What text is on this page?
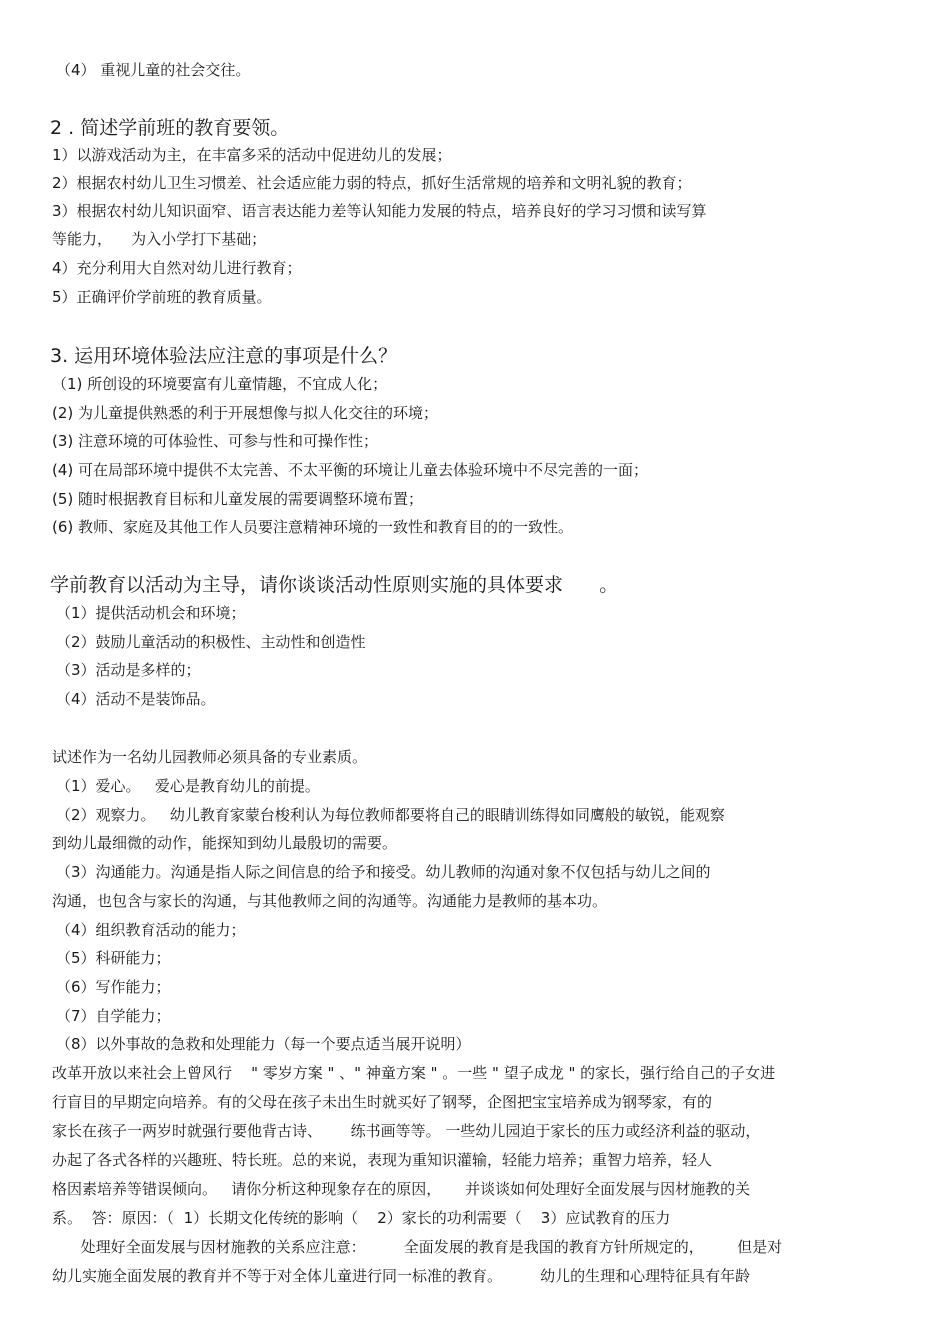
（4） 重视儿童的社会交往。
2 . 简述学前班的教育要领。
1）以游戏活动为主，在丰富多采的活动中促进幼儿的发展；
2）根据农村幼儿卫生习惯差、社会适应能力弱的特点，抓好生活常规的培养和文明礼貌的教育；
3）根据农村幼儿知识面窄、语言表达能力差等认知能力发展的特点，培养良好的学习习惯和读写算
等能力，    为入小学打下基础；
4）充分利用大自然对幼儿进行教育；
5）正确评价学前班的教育质量。
3. 运用环境体验法应注意的事项是什么？
（1) 所创设的环境要富有儿童情趣，不宜成人化；
(2) 为儿童提供熟悉的利于开展想像与拟人化交往的环境；
(3) 注意环境的可体验性、可参与性和可操作性；
(4) 可在局部环境中提供不太完善、不太平衡的环境让儿童去体验环境中不尽完善的一面；
(5) 随时根据教育目标和儿童发展的需要调整环境布置；
(6) 教师、家庭及其他工作人员要注意精神环境的一致性和教育目的的一致性。
学前教育以活动为主导，请你谈谈活动性原则实施的具体要求      。
（1）提供活动机会和环境；
（2）鼓励儿童活动的积极性、主动性和创造性
（3）活动是多样的；
（4）活动不是装饰品。
试述作为一名幼儿园教师必须具备的专业素质。
（1）爱心。   爱心是教育幼儿的前提。
（2）观察力。   幼儿教育家蒙台梭利认为每位教师都要将自己的眼睛训练得如同鹰般的敏锐，能观察
到幼儿最细微的动作，能探知到幼儿最殷切的需要。
（3）沟通能力。沟通是指人际之间信息的给予和接受。幼儿教师的沟通对象不仅包括与幼儿之间的
沟通，也包含与家长的沟通，与其他教师之间的沟通等。沟通能力是教师的基本功。
（4）组织教育活动的能力；
（5）科研能力；
（6）写作能力；
（7）自学能力；
（8）以外事故的急救和处理能力（每一个要点适当展开说明）
改革开放以来社会上曾风行    " 零岁方案 " 、" 神童方案 " 。一些 " 望子成龙 " 的家长，强行给自己的子女进
行盲目的早期定向培养。有的父母在孩子未出生时就买好了钢琴，企图把宝宝培养成为钢琴家，有的
家长在孩子一两岁时就强行要他背古诗、      练书画等等。 一些幼儿园迫于家长的压力或经济利益的驱动，
办起了各式各样的兴趣班、特长班。总的来说，表现为重知识灌输，轻能力培养；重智力培养，轻人
格因素培养等错误倾向。   请你分析这种现象存在的原因，     并谈谈如何处理好全面发展与因材施教的关
系。  答：原因：（  1）长期文化传统的影响（    2）家长的功利需要（    3）应试教育的压力
处理好全面发展与因材施教的关系应注意：        全面发展的教育是我国的教育方针所规定的，       但是对
幼儿实施全面发展的教育并不等于对全体儿童进行同一标准的教育。        幼儿的生理和心理特征具有年龄
